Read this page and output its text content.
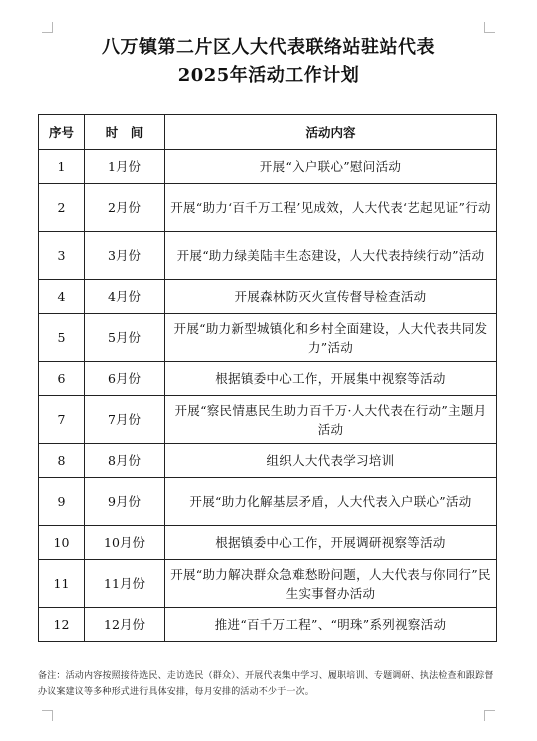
八万镇第二片区人大代表联络站驻站代表
2025年活动工作计划
序号	时　间	活动内容
1	1月份	开展“入户联心”慰问活动
2	2月份	开展“助力‘百千万工程’见成效，人大代表‘艺起见证”行动
3	3月份	开展“助力绿美陆丰生态建设，人大代表持续行动”活动
4	4月份	开展森林防灭火宣传督导检查活动
5	5月份	开展“助力新型城镇化和乡村全面建设，人大代表共同发力”活动
6	6月份	根据镇委中心工作，开展集中视察等活动
7	7月份	开展“察民情惠民生助力百千万·人大代表在行动”主题月活动
8	8月份	组织人大代表学习培训
9	9月份	开展“助力化解基层矛盾，人大代表入户联心”活动
10	10月份	根据镇委中心工作，开展调研视察等活动
11	11月份	开展“助力解决群众急难愁盼问题，人大代表与你同行”民生实事督办活动
12	12月份	推进“百千万工程”、“明珠”系列视察活动
备注：活动内容按照接待选民、走访选民（群众）、开展代表集中学习、履职培训、专题调研、执法检查和跟踪督办议案建议等多种形式进行具体安排，每月安排的活动不少于一次。
